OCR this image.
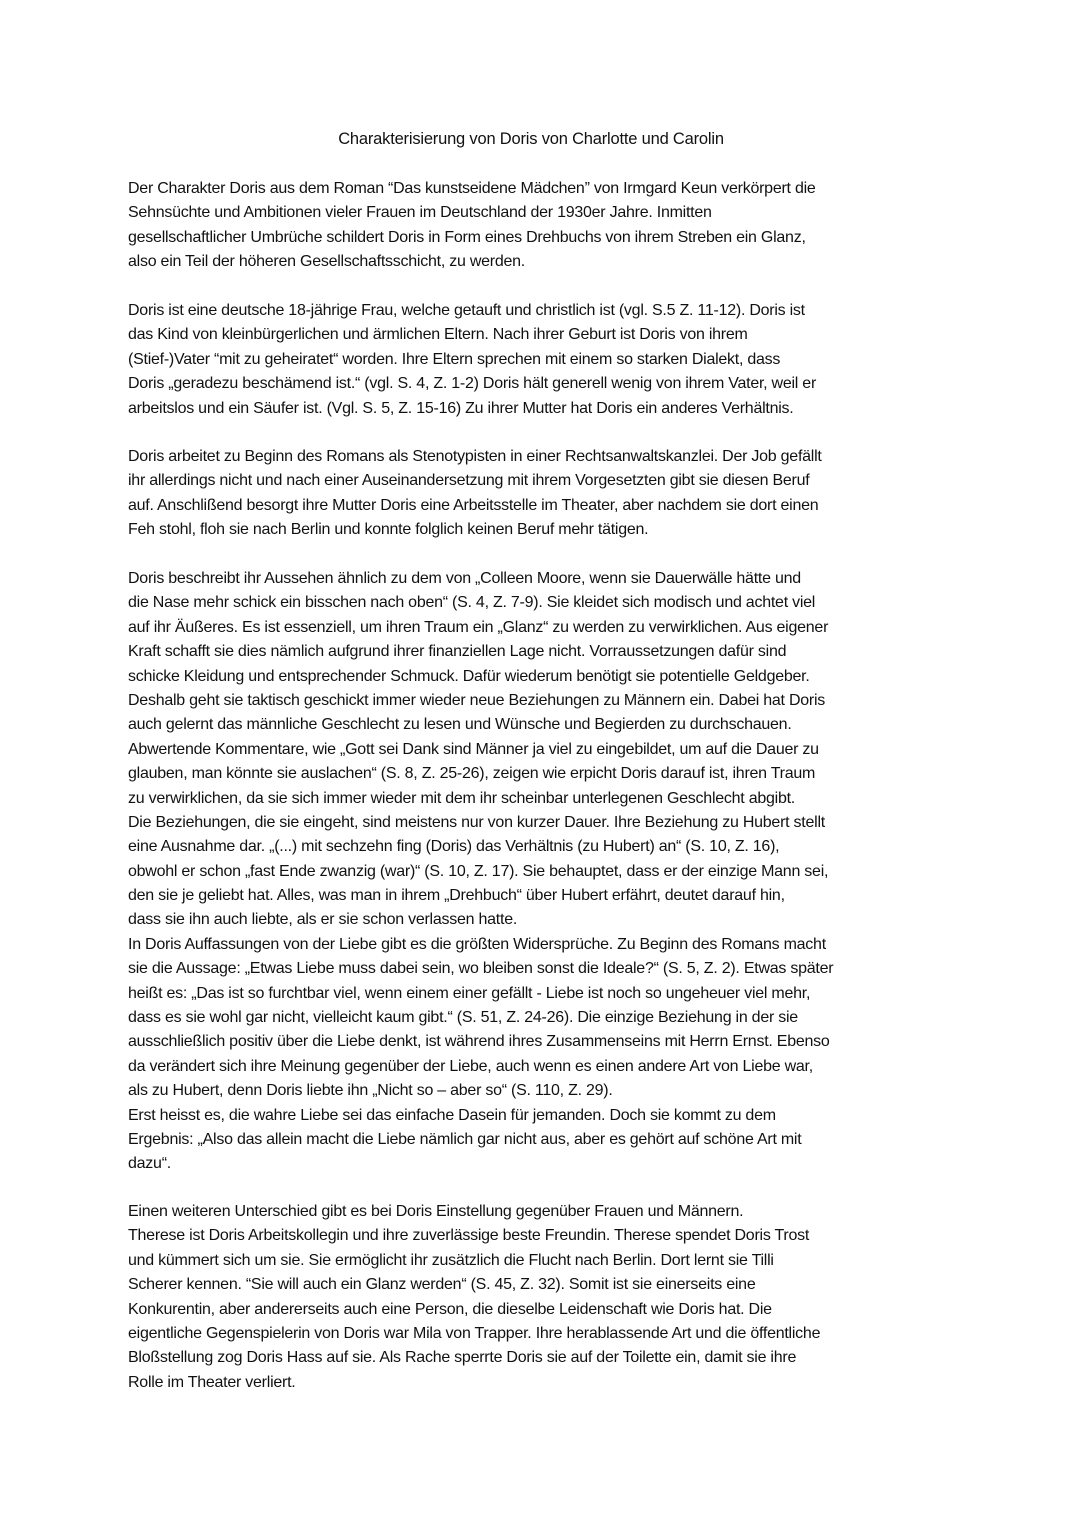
Charakterisierung von Doris von Charlotte und Carolin
Der Charakter Doris aus dem Roman “Das kunstseidene Mädchen” von Irmgard Keun verkörpert die
Sehnsüchte und Ambitionen vieler Frauen im Deutschland der 1930er Jahre. Inmitten
gesellschaftlicher Umbrüche schildert Doris in Form eines Drehbuchs von ihrem Streben ein Glanz,
also ein Teil der höheren Gesellschaftsschicht, zu werden.
Doris ist eine deutsche 18-jährige Frau, welche getauft und christlich ist (vgl. S.5 Z. 11-12). Doris ist
das Kind von kleinbürgerlichen und ärmlichen Eltern. Nach ihrer Geburt ist Doris von ihrem
(Stief-)Vater “mit zu geheiratet“ worden. Ihre Eltern sprechen mit einem so starken Dialekt, dass
Doris „geradezu beschämend ist.“ (vgl. S. 4, Z. 1-2) Doris hält generell wenig von ihrem Vater, weil er
arbeitslos und ein Säufer ist. (Vgl. S. 5, Z. 15-16) Zu ihrer Mutter hat Doris ein anderes Verhältnis.
Doris arbeitet zu Beginn des Romans als Stenotypisten in einer Rechtsanwaltskanzlei. Der Job gefällt
ihr allerdings nicht und nach einer Auseinandersetzung mit ihrem Vorgesetzten gibt sie diesen Beruf
auf. Anschlißend besorgt ihre Mutter Doris eine Arbeitsstelle im Theater, aber nachdem sie dort einen
Feh stohl, floh sie nach Berlin und konnte folglich keinen Beruf mehr tätigen.
Doris beschreibt ihr Aussehen ähnlich zu dem von „Colleen Moore, wenn sie Dauerwälle hätte und
die Nase mehr schick ein bisschen nach oben“ (S. 4, Z. 7-9). Sie kleidet sich modisch und achtet viel
auf ihr Äußeres. Es ist essenziell, um ihren Traum ein „Glanz“ zu werden zu verwirklichen. Aus eigener
Kraft schafft sie dies nämlich aufgrund ihrer finanziellen Lage nicht. Vorraussetzungen dafür sind
schicke Kleidung und entsprechender Schmuck. Dafür wiederum benötigt sie potentielle Geldgeber.
Deshalb geht sie taktisch geschickt immer wieder neue Beziehungen zu Männern ein. Dabei hat Doris
auch gelernt das männliche Geschlecht zu lesen und Wünsche und Begierden zu durchschauen.
Abwertende Kommentare, wie „Gott sei Dank sind Männer ja viel zu eingebildet, um auf die Dauer zu
glauben, man könnte sie auslachen“ (S. 8, Z. 25-26), zeigen wie erpicht Doris darauf ist, ihren Traum
zu verwirklichen, da sie sich immer wieder mit dem ihr scheinbar unterlegenen Geschlecht abgibt.
Die Beziehungen, die sie eingeht, sind meistens nur von kurzer Dauer. Ihre Beziehung zu Hubert stellt
eine Ausnahme dar. „(...) mit sechzehn fing (Doris) das Verhältnis (zu Hubert) an“ (S. 10, Z. 16),
obwohl er schon „fast Ende zwanzig (war)“ (S. 10, Z. 17). Sie behauptet, dass er der einzige Mann sei,
den sie je geliebt hat. Alles, was man in ihrem „Drehbuch“ über Hubert erfährt, deutet darauf hin,
dass sie ihn auch liebte, als er sie schon verlassen hatte.
In Doris Auffassungen von der Liebe gibt es die größten Widersprüche. Zu Beginn des Romans macht
sie die Aussage: „Etwas Liebe muss dabei sein, wo bleiben sonst die Ideale?“ (S. 5, Z. 2). Etwas später
heißt es: „Das ist so furchtbar viel, wenn einem einer gefällt - Liebe ist noch so ungeheuer viel mehr,
dass es sie wohl gar nicht, vielleicht kaum gibt.“ (S. 51, Z. 24-26). Die einzige Beziehung in der sie
ausschließlich positiv über die Liebe denkt, ist während ihres Zusammenseins mit Herrn Ernst. Ebenso
da verändert sich ihre Meinung gegenüber der Liebe, auch wenn es einen andere Art von Liebe war,
als zu Hubert, denn Doris liebte ihn „Nicht so – aber so“ (S. 110, Z. 29).
Erst heisst es, die wahre Liebe sei das einfache Dasein für jemanden. Doch sie kommt zu dem
Ergebnis: „Also das allein macht die Liebe nämlich gar nicht aus, aber es gehört auf schöne Art mit
dazu“.
Einen weiteren Unterschied gibt es bei Doris Einstellung gegenüber Frauen und Männern.
Therese ist Doris Arbeitskollegin und ihre zuverlässige beste Freundin. Therese spendet Doris Trost
und kümmert sich um sie. Sie ermöglicht ihr zusätzlich die Flucht nach Berlin. Dort lernt sie Tilli
Scherer kennen. “Sie will auch ein Glanz werden“ (S. 45, Z. 32). Somit ist sie einerseits eine
Konkurentin, aber andererseits auch eine Person, die dieselbe Leidenschaft wie Doris hat. Die
eigentliche Gegenspielerin von Doris war Mila von Trapper. Ihre herablassende Art und die öffentliche
Bloßstellung zog Doris Hass auf sie. Als Rache sperrte Doris sie auf der Toilette ein, damit sie ihre
Rolle im Theater verliert.
